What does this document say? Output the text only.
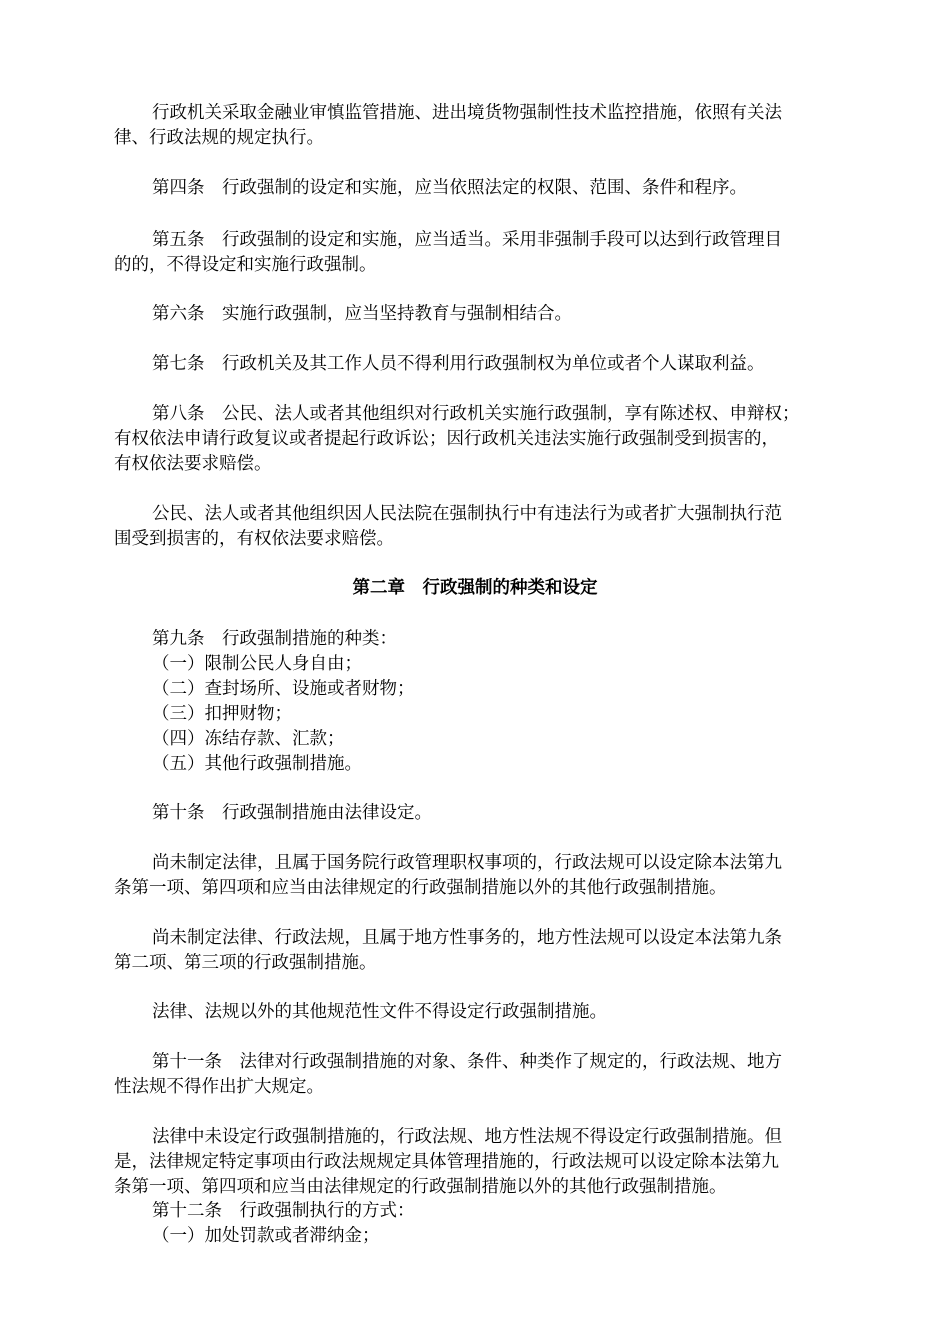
行政机关采取金融业审慎监管措施、进出境货物强制性技术监控措施，依照有关法
律、行政法规的规定执行。
第四条　行政强制的设定和实施，应当依照法定的权限、范围、条件和程序。
第五条　行政强制的设定和实施，应当适当。采用非强制手段可以达到行政管理目
的的，不得设定和实施行政强制。
第六条　实施行政强制，应当坚持教育与强制相结合。
第七条　行政机关及其工作人员不得利用行政强制权为单位或者个人谋取利益。
第八条　公民、法人或者其他组织对行政机关实施行政强制，享有陈述权、申辩权；
有权依法申请行政复议或者提起行政诉讼；因行政机关违法实施行政强制受到损害的，
有权依法要求赔偿。
公民、法人或者其他组织因人民法院在强制执行中有违法行为或者扩大强制执行范
围受到损害的，有权依法要求赔偿。
第二章　行政强制的种类和设定
第九条　行政强制措施的种类：
（一）限制公民人身自由；
（二）查封场所、设施或者财物；
（三）扣押财物；
（四）冻结存款、汇款；
（五）其他行政强制措施。
第十条　行政强制措施由法律设定。
尚未制定法律，且属于国务院行政管理职权事项的，行政法规可以设定除本法第九
条第一项、第四项和应当由法律规定的行政强制措施以外的其他行政强制措施。
尚未制定法律、行政法规，且属于地方性事务的，地方性法规可以设定本法第九条
第二项、第三项的行政强制措施。
法律、法规以外的其他规范性文件不得设定行政强制措施。
第十一条　法律对行政强制措施的对象、条件、种类作了规定的，行政法规、地方
性法规不得作出扩大规定。
法律中未设定行政强制措施的，行政法规、地方性法规不得设定行政强制措施。但
是，法律规定特定事项由行政法规规定具体管理措施的，行政法规可以设定除本法第九
条第一项、第四项和应当由法律规定的行政强制措施以外的其他行政强制措施。
第十二条　行政强制执行的方式：
（一）加处罚款或者滞纳金；
